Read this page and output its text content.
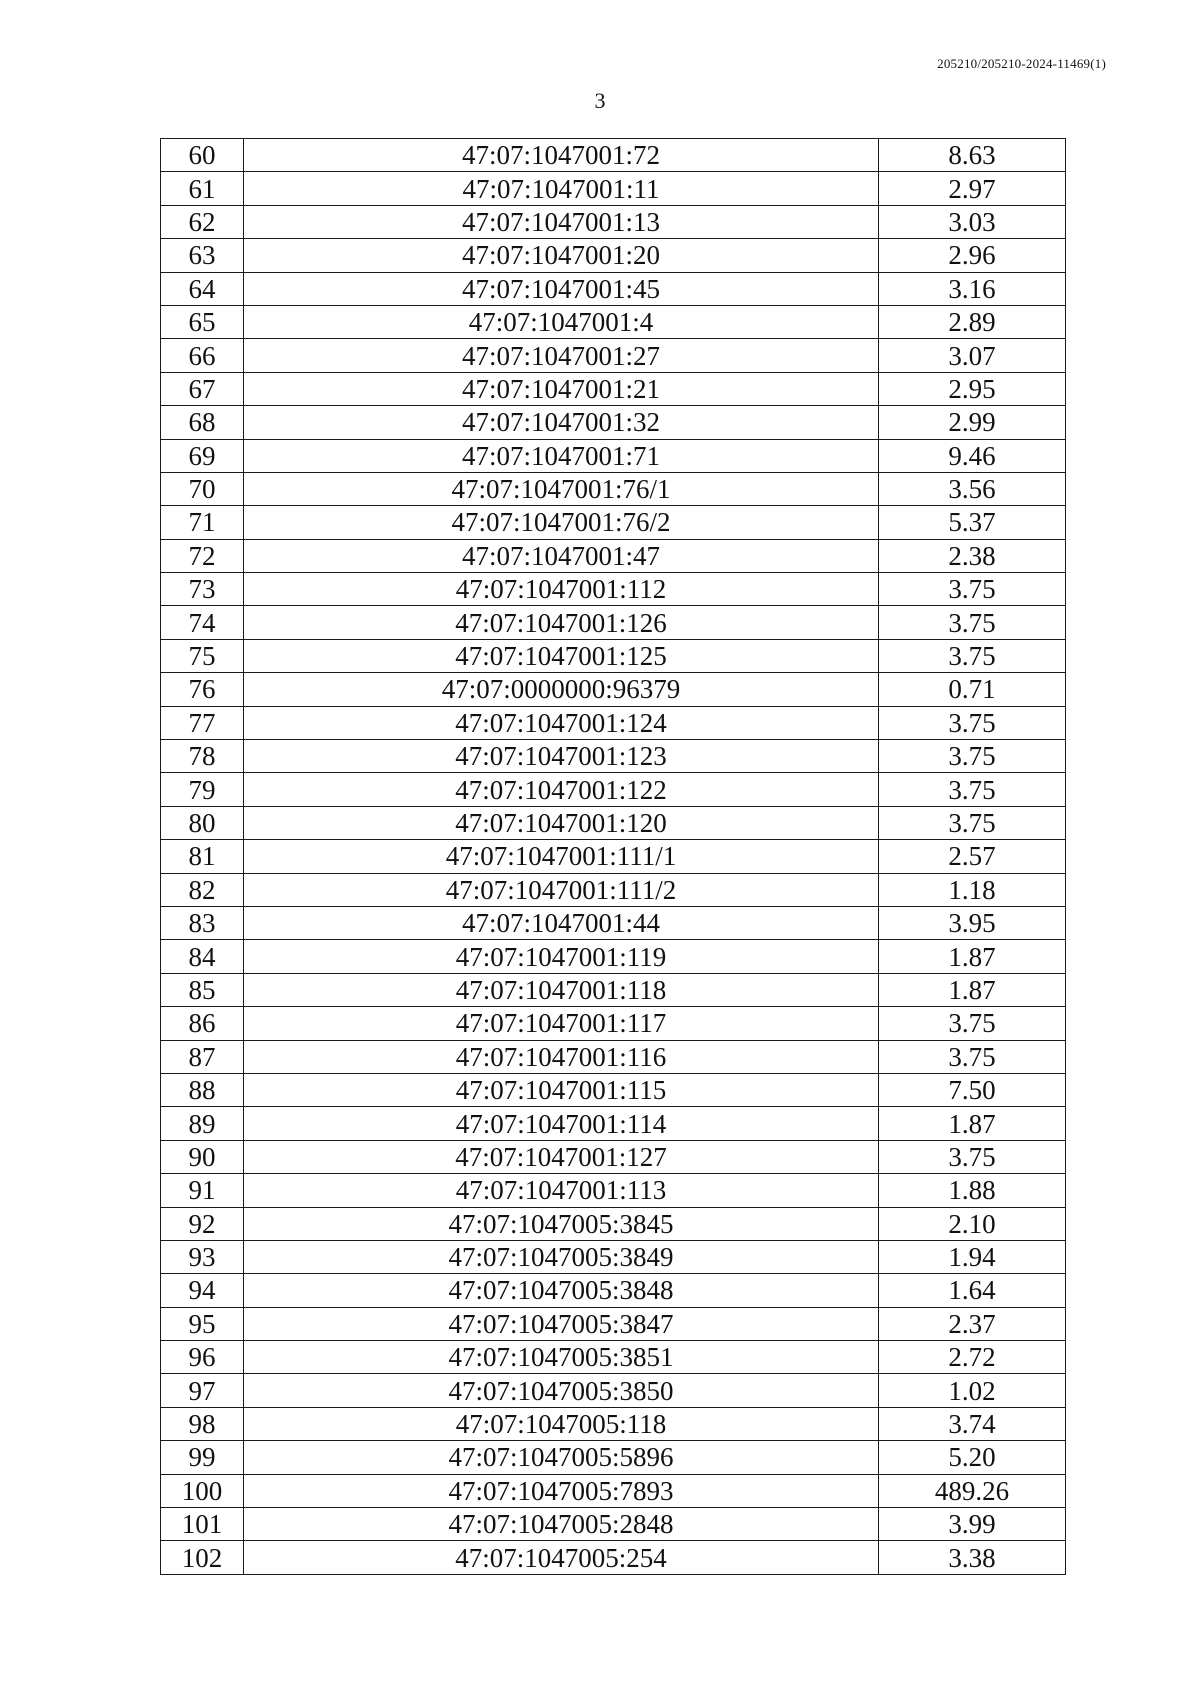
205210/205210-2024-11469(1)
3
60	47:07:1047001:72	8.63
61	47:07:1047001:11	2.97
62	47:07:1047001:13	3.03
63	47:07:1047001:20	2.96
64	47:07:1047001:45	3.16
65	47:07:1047001:4	2.89
66	47:07:1047001:27	3.07
67	47:07:1047001:21	2.95
68	47:07:1047001:32	2.99
69	47:07:1047001:71	9.46
70	47:07:1047001:76/1	3.56
71	47:07:1047001:76/2	5.37
72	47:07:1047001:47	2.38
73	47:07:1047001:112	3.75
74	47:07:1047001:126	3.75
75	47:07:1047001:125	3.75
76	47:07:0000000:96379	0.71
77	47:07:1047001:124	3.75
78	47:07:1047001:123	3.75
79	47:07:1047001:122	3.75
80	47:07:1047001:120	3.75
81	47:07:1047001:111/1	2.57
82	47:07:1047001:111/2	1.18
83	47:07:1047001:44	3.95
84	47:07:1047001:119	1.87
85	47:07:1047001:118	1.87
86	47:07:1047001:117	3.75
87	47:07:1047001:116	3.75
88	47:07:1047001:115	7.50
89	47:07:1047001:114	1.87
90	47:07:1047001:127	3.75
91	47:07:1047001:113	1.88
92	47:07:1047005:3845	2.10
93	47:07:1047005:3849	1.94
94	47:07:1047005:3848	1.64
95	47:07:1047005:3847	2.37
96	47:07:1047005:3851	2.72
97	47:07:1047005:3850	1.02
98	47:07:1047005:118	3.74
99	47:07:1047005:5896	5.20
100	47:07:1047005:7893	489.26
101	47:07:1047005:2848	3.99
102	47:07:1047005:254	3.38
